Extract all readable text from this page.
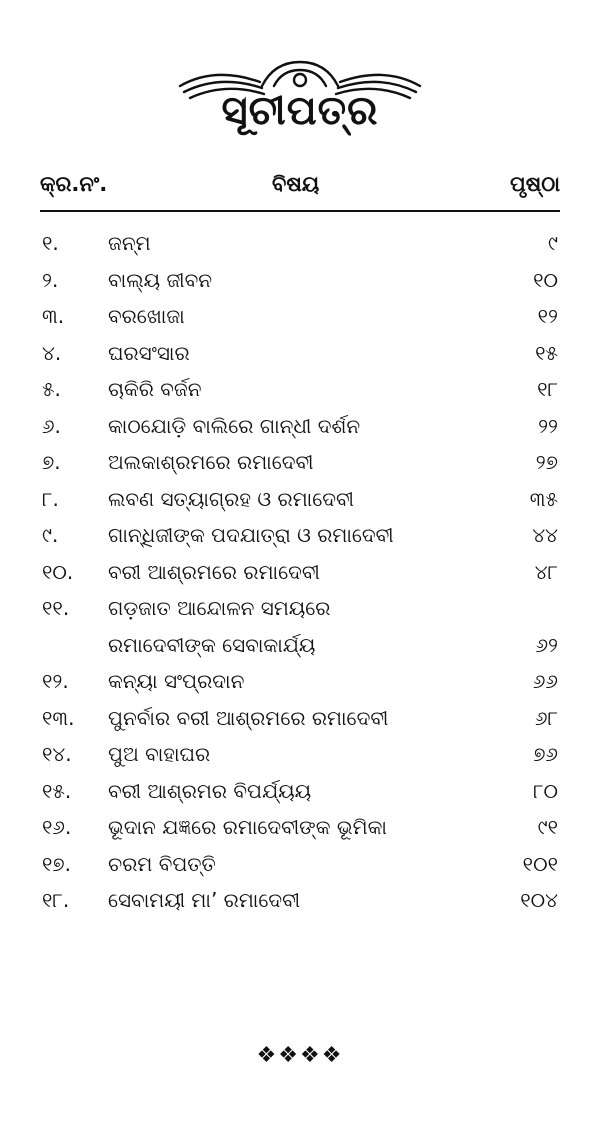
ସୂଚୀପତ୍ର
କ୍ର.ନଂ.	ବିଷୟ	ପୃଷ୍ଠା
୧.	ଜନ୍ମ	୯
୨.	ବାଲ୍ୟ ଜୀବନ	୧୦
୩.	ବରଖୋଜା	୧୨
୪.	ଘରସଂସାର	୧୫
୫.	ଚାକିରି ବର୍ଜନ	୧୮
୬.	କାଠଯୋଡ଼ି ବାଲିରେ ଗାନ୍ଧୀ ଦର୍ଶନ	୨୨
୭.	ଅଲକାଶ୍ରମରେ ରମାଦେବୀ	୨୭
୮.	ଲବଣ ସତ୍ୟାଗ୍ରହ ଓ ରମାଦେବୀ	୩୫
୯.	ଗାନ୍ଧିଜୀଙ୍କ ପଦଯାତ୍ରା ଓ ରମାଦେବୀ	୪୪
୧୦.	ବରୀ ଆଶ୍ରମରେ ରମାଦେବୀ	୪୮
୧୧.	ଗଡ଼ଜାତ ଆନ୍ଦୋଳନ ସମୟରେ
ରମାଦେବୀଙ୍କ ସେବାକାର୍ଯ୍ୟ	୬୨
୧୨.	କନ୍ୟା ସଂପ୍ରଦାନ	୬୬
୧୩.	ପୁନର୍ବାର ବରୀ ଆଶ୍ରମରେ ରମାଦେବୀ	୬୮
୧୪.	ପୁଅ ବାହାଘର	୭୬
୧୫.	ବରୀ ଆଶ୍ରମର ବିପର୍ଯ୍ୟୟ	୮୦
୧୬.	ଭୂଦାନ ଯଜ୍ଞରେ ରମାଦେବୀଙ୍କ ଭୂମିକା	୯୧
୧୭.	ଚରମ ବିପତ୍ତି	୧୦୧
୧୮.	ସେବାମୟୀ ମା’ ରମାଦେବୀ	୧୦୪
❖❖❖❖
